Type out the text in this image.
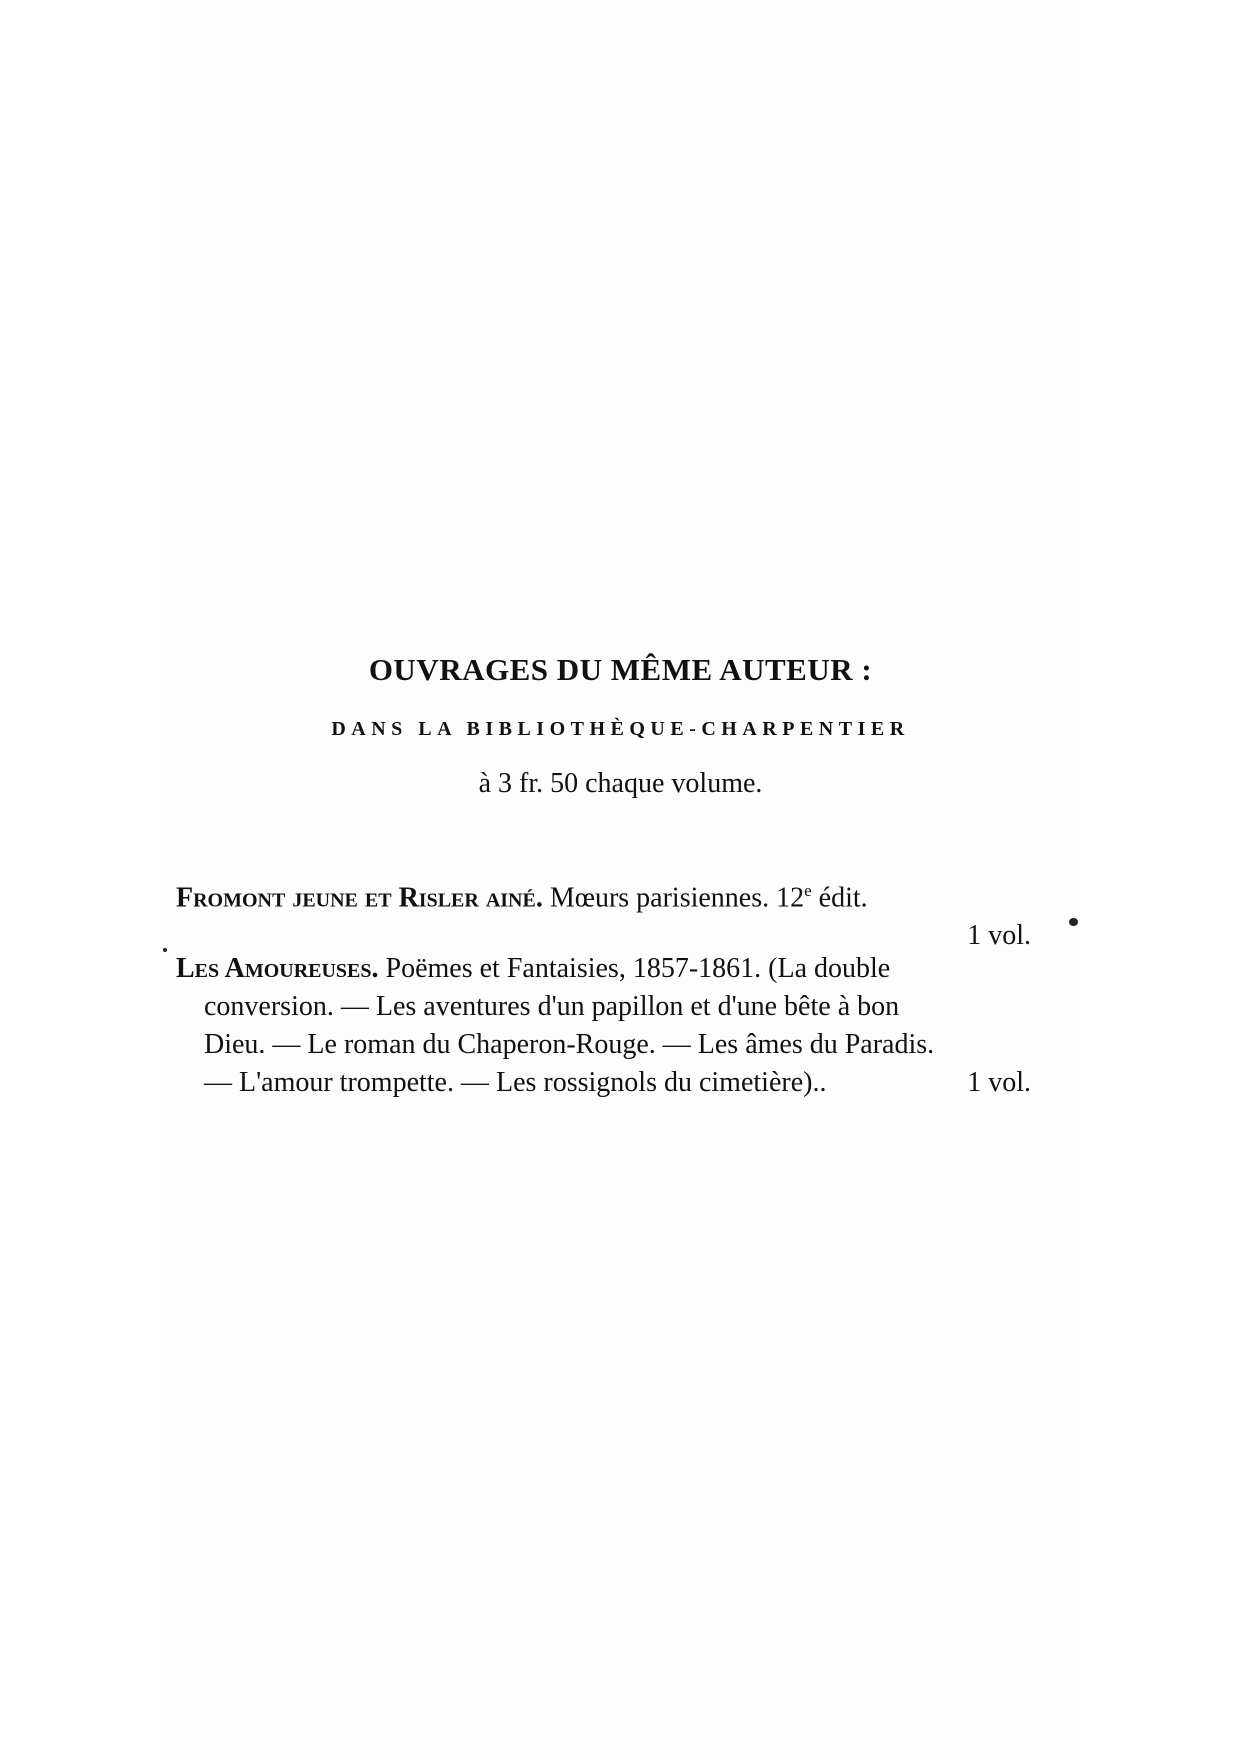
OUVRAGES DU MÊME AUTEUR :
DANS LA BIBLIOTHÈQUE-CHARPENTIER
à 3 fr. 50 chaque volume.
Fromont jeune et Risler ainé. Mœurs parisiennes. 12e édit.
1 vol.
Les Amoureuses. Poëmes et Fantaisies, 1857-1861. (La double
conversion. — Les aventures d'un papillon et d'une bête à bon
Dieu. — Le roman du Chaperon-Rouge. — Les âmes du Paradis.
— L'amour trompette. — Les rossignols du cimetière)..	1 vol.
